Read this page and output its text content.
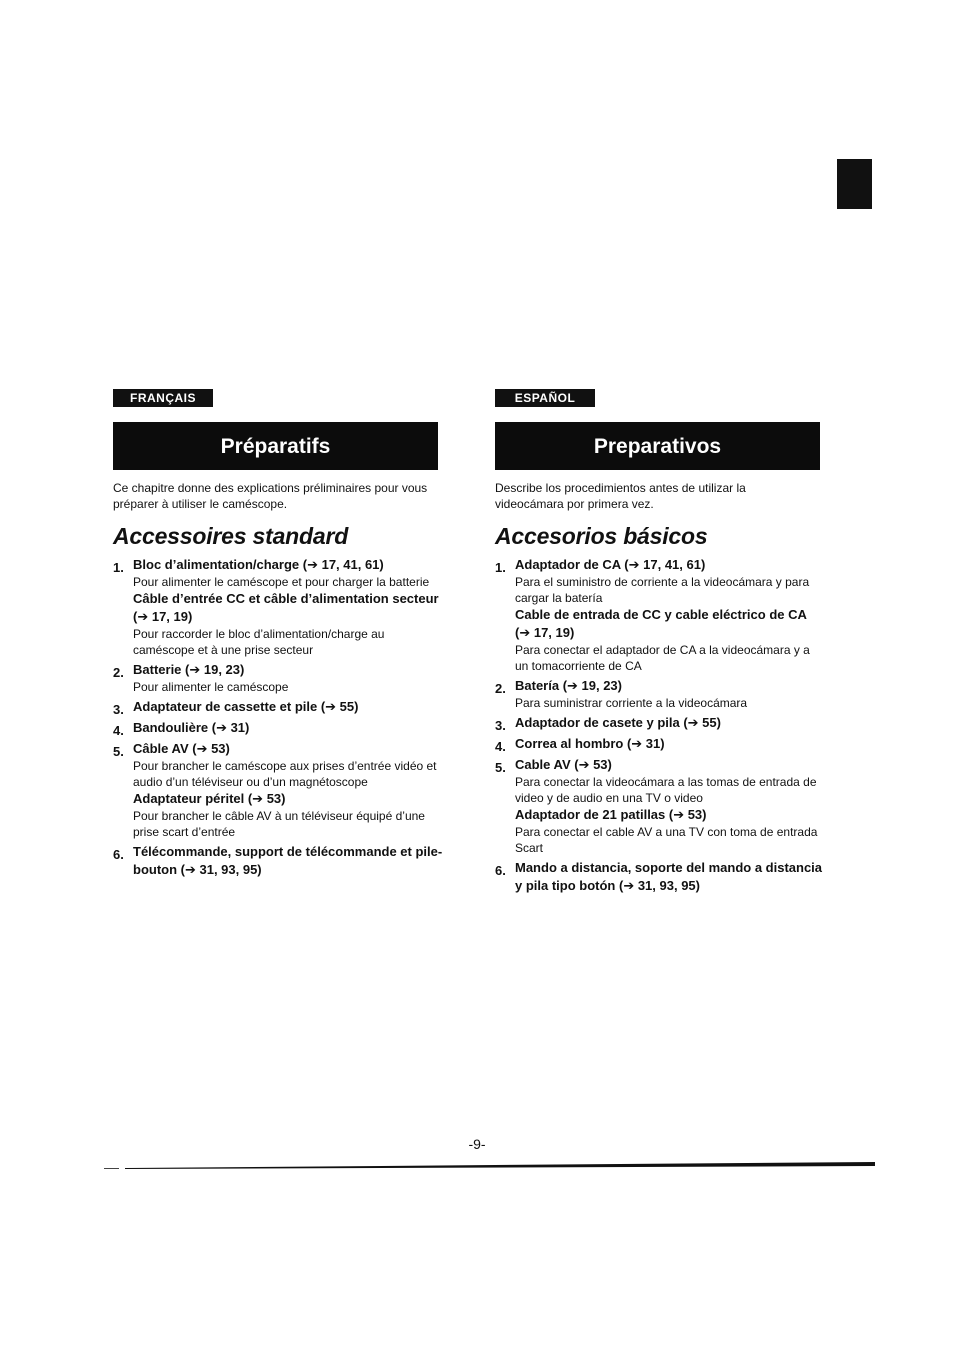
FRANÇAIS
Préparatifs
Ce chapitre donne des explications préliminaires pour vous préparer à utiliser le caméscope.
Accessoires standard
1. Bloc d’alimentation/charge (➔ 17, 41, 61)
Pour alimenter le caméscope et pour charger la batterie
Câble d’entrée CC et câble d’alimentation secteur (➔ 17, 19)
Pour raccorder le bloc d’alimentation/charge au caméscope et à une prise secteur
2. Batterie (➔ 19, 23)
Pour alimenter le caméscope
3. Adaptateur de cassette et pile (➔ 55)
4. Bandoulière (➔ 31)
5. Câble AV (➔ 53)
Pour brancher le caméscope aux prises d’entrée vidéo et audio d’un téléviseur ou d’un magnétoscope
Adaptateur péritel (➔ 53)
Pour brancher le câble AV à un téléviseur équipé d’une prise scart d’entrée
6. Télécommande, support de télécommande et pile-bouton (➔ 31, 93, 95)
ESPAÑOL
Preparativos
Describe los procedimientos antes de utilizar la videocámara por primera vez.
Accesorios básicos
1. Adaptador de CA (➔ 17, 41, 61)
Para el suministro de corriente a la videocámara y para cargar la batería
Cable de entrada de CC y cable eléctrico de CA (➔ 17, 19)
Para conectar el adaptador de CA a la videocámara y a un tomacorriente de CA
2. Batería (➔ 19, 23)
Para suministrar corriente a la videocámara
3. Adaptador de casete y pila (➔ 55)
4. Correa al hombro (➔ 31)
5. Cable AV (➔ 53)
Para conectar la videocámara a las tomas de entrada de video y de audio en una TV o video
Adaptador de 21 patillas (➔ 53)
Para conectar el cable AV a una TV con toma de entrada Scart
6. Mando a distancia, soporte del mando a distancia y pila tipo botón (➔ 31, 93, 95)
-9-
